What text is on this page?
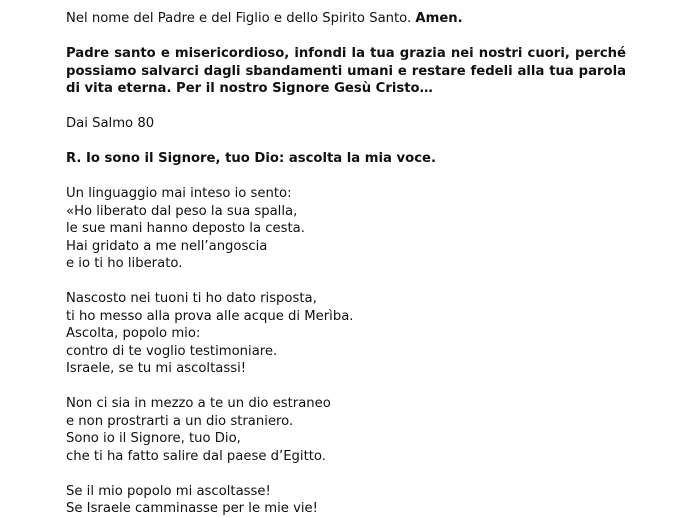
Nel nome del Padre e del Figlio e dello Spirito Santo. Amen.

Padre santo e misericordioso, infondi la tua grazia nei nostri cuori, perché possiamo salvarci dagli sbandamenti umani e restare fedeli alla tua parola di vita eterna. Per il nostro Signore Gesù Cristo…

Dai Salmo 80

R. Io sono il Signore, tuo Dio: ascolta la mia voce.

Un linguaggio mai inteso io sento:
«Ho liberato dal peso la sua spalla,
le sue mani hanno deposto la cesta.
Hai gridato a me nell’angoscia
e io ti ho liberato.

Nascosto nei tuoni ti ho dato risposta,
ti ho messo alla prova alle acque di Merìba.
Ascolta, popolo mio:
contro di te voglio testimoniare.
Israele, se tu mi ascoltassi!

Non ci sia in mezzo a te un dio estraneo
e non prostrarti a un dio straniero.
Sono io il Signore, tuo Dio,
che ti ha fatto salire dal paese d’Egitto.

Se il mio popolo mi ascoltasse!
Se Israele camminasse per le mie vie!
